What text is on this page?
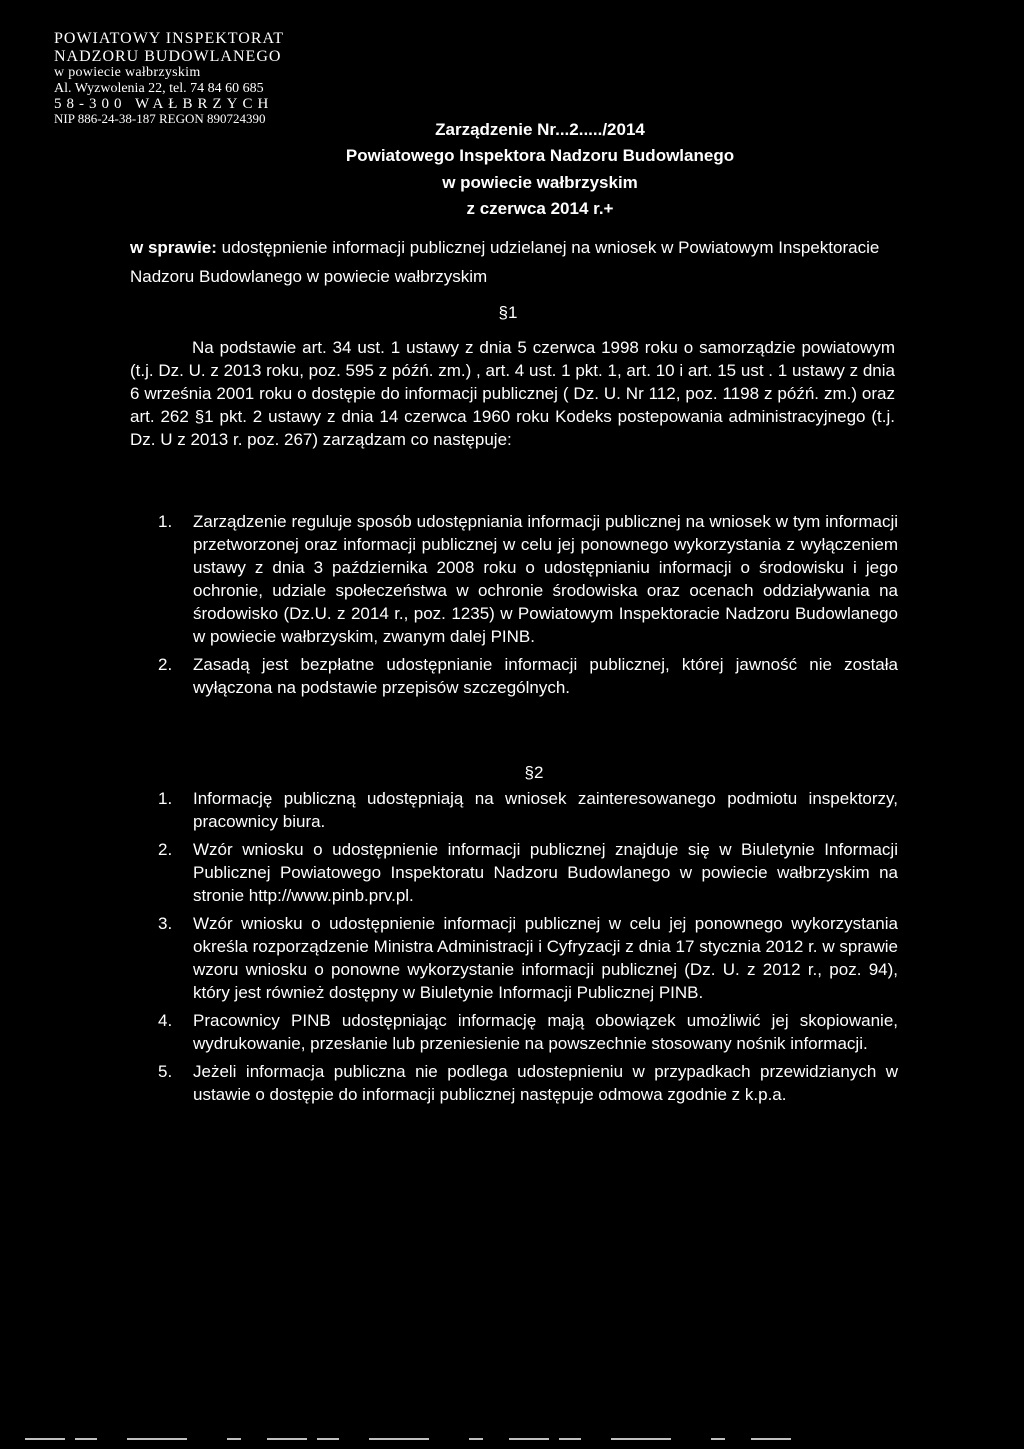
POWIATOWY INSPEKTORAT
NADZORU BUDOWLANEGO
w powiecie wałbrzyskim
Al. Wyzwolenia 22, tel. 74 84 60 685
58-300 WAŁBRZYCH
NIP 886-24-38-187 REGON 890724390
Zarządzenie Nr...2...../2014
Powiatowego Inspektora Nadzoru Budowlanego
w powiecie wałbrzyskim
z czerwca 2014 r.+
w sprawie: udostępnienie informacji publicznej udzielanej na wniosek w Powiatowym Inspektoracie Nadzoru Budowlanego w powiecie wałbrzyskim
§1
Na podstawie art. 34 ust. 1 ustawy z dnia 5 czerwca 1998 roku o samorządzie powiatowym (t.j. Dz. U. z 2013 roku, poz. 595 z późń. zm.) , art. 4 ust. 1 pkt. 1, art. 10 i art. 15 ust . 1 ustawy z dnia 6 września 2001 roku o dostępie do informacji publicznej ( Dz. U. Nr 112, poz. 1198 z późń. zm.) oraz art. 262 §1 pkt. 2 ustawy z dnia 14 czerwca 1960 roku Kodeks postepowania administracyjnego (t.j. Dz. U z 2013 r. poz. 267) zarządzam co następuje:
1. Zarządzenie reguluje sposób udostępniania informacji publicznej na wniosek w tym informacji przetworzonej oraz informacji publicznej w celu jej ponownego wykorzystania z wyłączeniem ustawy z dnia 3 października 2008 roku o udostępnianiu informacji o środowisku i jego ochronie, udziale społeczeństwa w ochronie środowiska oraz ocenach oddziaływania na środowisko (Dz.U. z 2014 r., poz. 1235) w Powiatowym Inspektoracie Nadzoru Budowlanego w powiecie wałbrzyskim, zwanym dalej PINB.
2. Zasadą jest bezpłatne udostępnianie informacji publicznej, której jawność nie została wyłączona na podstawie przepisów szczególnych.
§2
1. Informację publiczną udostępniają na wniosek zainteresowanego podmiotu inspektorzy, pracownicy biura.
2. Wzór wniosku o udostępnienie informacji publicznej znajduje się w Biuletynie Informacji Publicznej Powiatowego Inspektoratu Nadzoru Budowlanego w powiecie wałbrzyskim na stronie http://www.pinb.prv.pl.
3. Wzór wniosku o udostępnienie informacji publicznej w celu jej ponownego wykorzystania określa rozporządzenie Ministra Administracji i Cyfryzacji z dnia 17 stycznia 2012 r. w sprawie wzoru wniosku o ponowne wykorzystanie informacji publicznej (Dz. U. z 2012 r., poz. 94), który jest również dostępny w Biuletynie Informacji Publicznej PINB.
4. Pracownicy PINB udostępniając informację mają obowiązek umożliwić jej skopiowanie, wydrukowanie, przesłanie lub przeniesienie na powszechnie stosowany nośnik informacji.
5. Jeżeli informacja publiczna nie podlega udostepnieniu w przypadkach przewidzianych w ustawie o dostępie do informacji publicznej następuje odmowa zgodnie z k.p.a.
